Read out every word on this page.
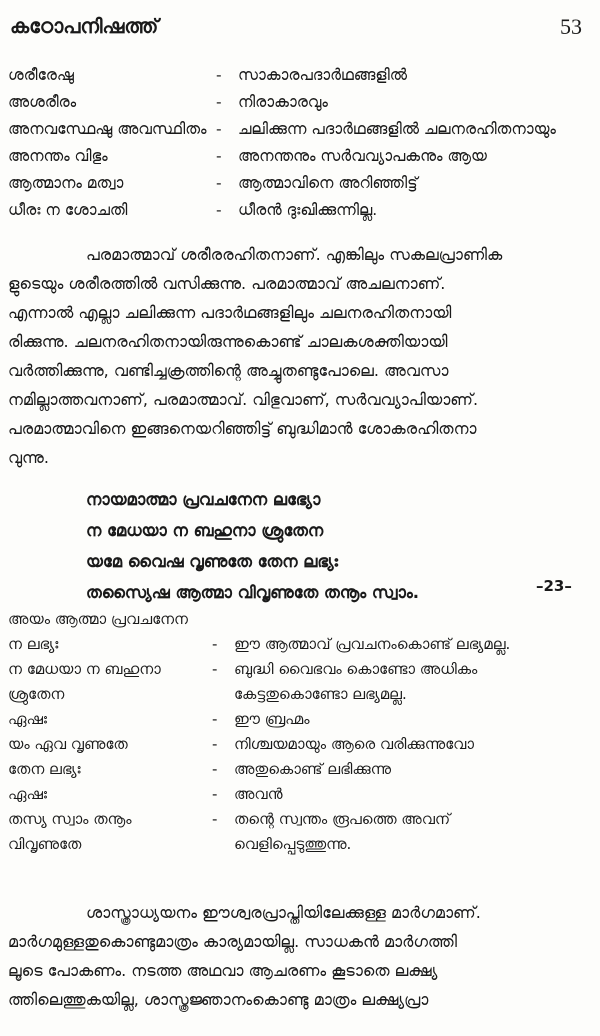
കഠോപനിഷത്ത്	53
ശരീരേഷു	- സാകാരപദാർഥങ്ങളിൽ
അശരീരം	- നിരാകാരവും
അനവസ്ഥേഷു അവസ്ഥിതം - ചലിക്കുന്ന പദാർഥങ്ങളിൽ ചലനരഹിതനായും
അനന്തം വിഭും	- അനന്തനും സർവവ്യാപകനും ആയ
ആത്മാനം മത്വാ	- ആത്മാവിനെ അറിഞ്ഞിട്ട്
ധീരഃ ന ശോചതി	- ധീരൻ ദുഃഖിക്കുന്നില്ല.
പരമാത്മാവ് ശരീരരഹിതനാണ്. എങ്കിലും സകലപ്രാണിക
ളുടെയും ശരീരത്തിൽ വസിക്കുന്നു. പരമാത്മാവ് അചലനാണ്.
എന്നാൽ എല്ലാ ചലിക്കുന്ന പദാർഥങ്ങളിലും ചലനരഹിതനായി
രിക്കുന്നു. ചലനരഹിതനായിരുന്നുകൊണ്ട് ചാലകശക്തിയായി
വർത്തിക്കുന്നു, വണ്ടിച്ചക്രത്തിന്റെ അച്ചുതണ്ടുപോലെ. അവസാ
നമില്ലാത്തവനാണ്, പരമാത്മാവ്. വിഭുവാണ്, സർവവ്യാപിയാണ്.
പരമാത്മാവിനെ ഇങ്ങനെയറിഞ്ഞിട്ട് ബുദ്ധിമാൻ ശോകരഹിതനാ
വുന്നു.
നായമാത്മാ പ്രവചനേന ലഭ്യോ
ന മേധയാ ന ബഹുനാ ശ്രുതേന
യമേ വൈഷ വൃണുതേ തേന ലഭ്യഃ
തസ്യൈഷ ആത്മാ വിവൃണുതേ തനൂം സ്വാം.	–23–
അയം ആത്മാ പ്രവചനേന
ന ലഭ്യഃ	- ഈ ആത്മാവ് പ്രവചനംകൊണ്ട് ലഭ്യമല്ല.
ന മേധയാ ന ബഹുനാ	- ബുദ്ധി വൈഭവം കൊണ്ടോ അധികം
ശ്രുതേന	കേട്ടതുകൊണ്ടോ ലഭ്യമല്ല.
ഏഷഃ	- ഈ ബ്രഹ്മം
യം ഏവ വൃണുതേ	- നിശ്ചയമായും ആരെ വരിക്കുന്നുവോ
തേന ലഭ്യഃ	- അതുകൊണ്ട് ലഭിക്കുന്നു
ഏഷഃ	- അവൻ
തസ്യ സ്വാം തനൂം	- തന്റെ സ്വന്തം രൂപത്തെ അവന്
വിവൃണുതേ	വെളിപ്പെടുത്തുന്നു.
ശാസ്ത്രാധ്യയനം ഈശ്വരപ്രാപ്തിയിലേക്കുള്ള മാർഗമാണ്.
മാർഗമുള്ളതുകൊണ്ടുമാത്രം കാര്യമായില്ല. സാധകൻ മാർഗത്തി
ലൂടെ പോകണം. നടത്ത അഥവാ ആചരണം കൂടാതെ ലക്ഷ്യ
ത്തിലെത്തുകയില്ല, ശാസ്ത്രജ്ഞാനംകൊണ്ടു മാത്രം ലക്ഷ്യപ്രാ
